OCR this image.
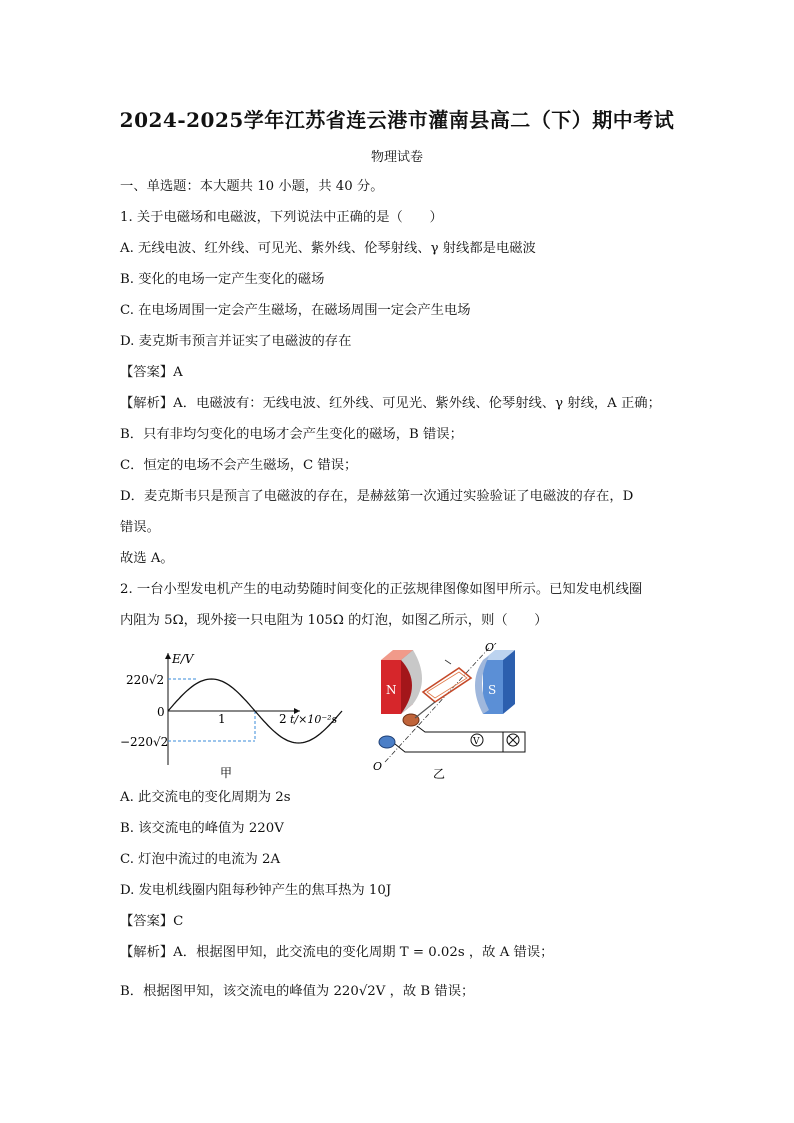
2024-2025学年江苏省连云港市灌南县高二（下）期中考试
物理试卷
一、单选题：本大题共 10 小题，共 40 分。
1. 关于电磁场和电磁波，下列说法中正确的是（　　）
A. 无线电波、红外线、可见光、紫外线、伦琴射线、γ 射线都是电磁波
B. 变化的电场一定产生变化的磁场
C. 在电场周围一定会产生磁场，在磁场周围一定会产生电场
D. 麦克斯韦预言并证实了电磁波的存在
【答案】A
【解析】A．电磁波有：无线电波、红外线、可见光、紫外线、伦琴射线、γ 射线，A 正确；
B．只有非均匀变化的电场才会产生变化的磁场，B 错误；
C．恒定的电场不会产生磁场，C 错误；
D．麦克斯韦只是预言了电磁波的存在，是赫兹第一次通过实验验证了电磁波的存在，D
错误。
故选 A。
2. 一台小型发电机产生的电动势随时间变化的正弦规律图像如图甲所示。已知发电机线圈
内阻为 5Ω，现外接一只电阻为 105Ω 的灯泡，如图乙所示，则（　　）
E/V
220√2
−220√2
0	1	2 t/×10⁻²s
甲
N	S
O′
O
V
乙
A. 此交流电的变化周期为 2s
B. 该交流电的峰值为 220V
C. 灯泡中流过的电流为 2A
D. 发电机线圈内阻每秒钟产生的焦耳热为 10J
【答案】C
【解析】A．根据图甲知，此交流电的变化周期 T = 0.02s ，故 A 错误；
B．根据图甲知，该交流电的峰值为 220√2V ，故 B 错误；
